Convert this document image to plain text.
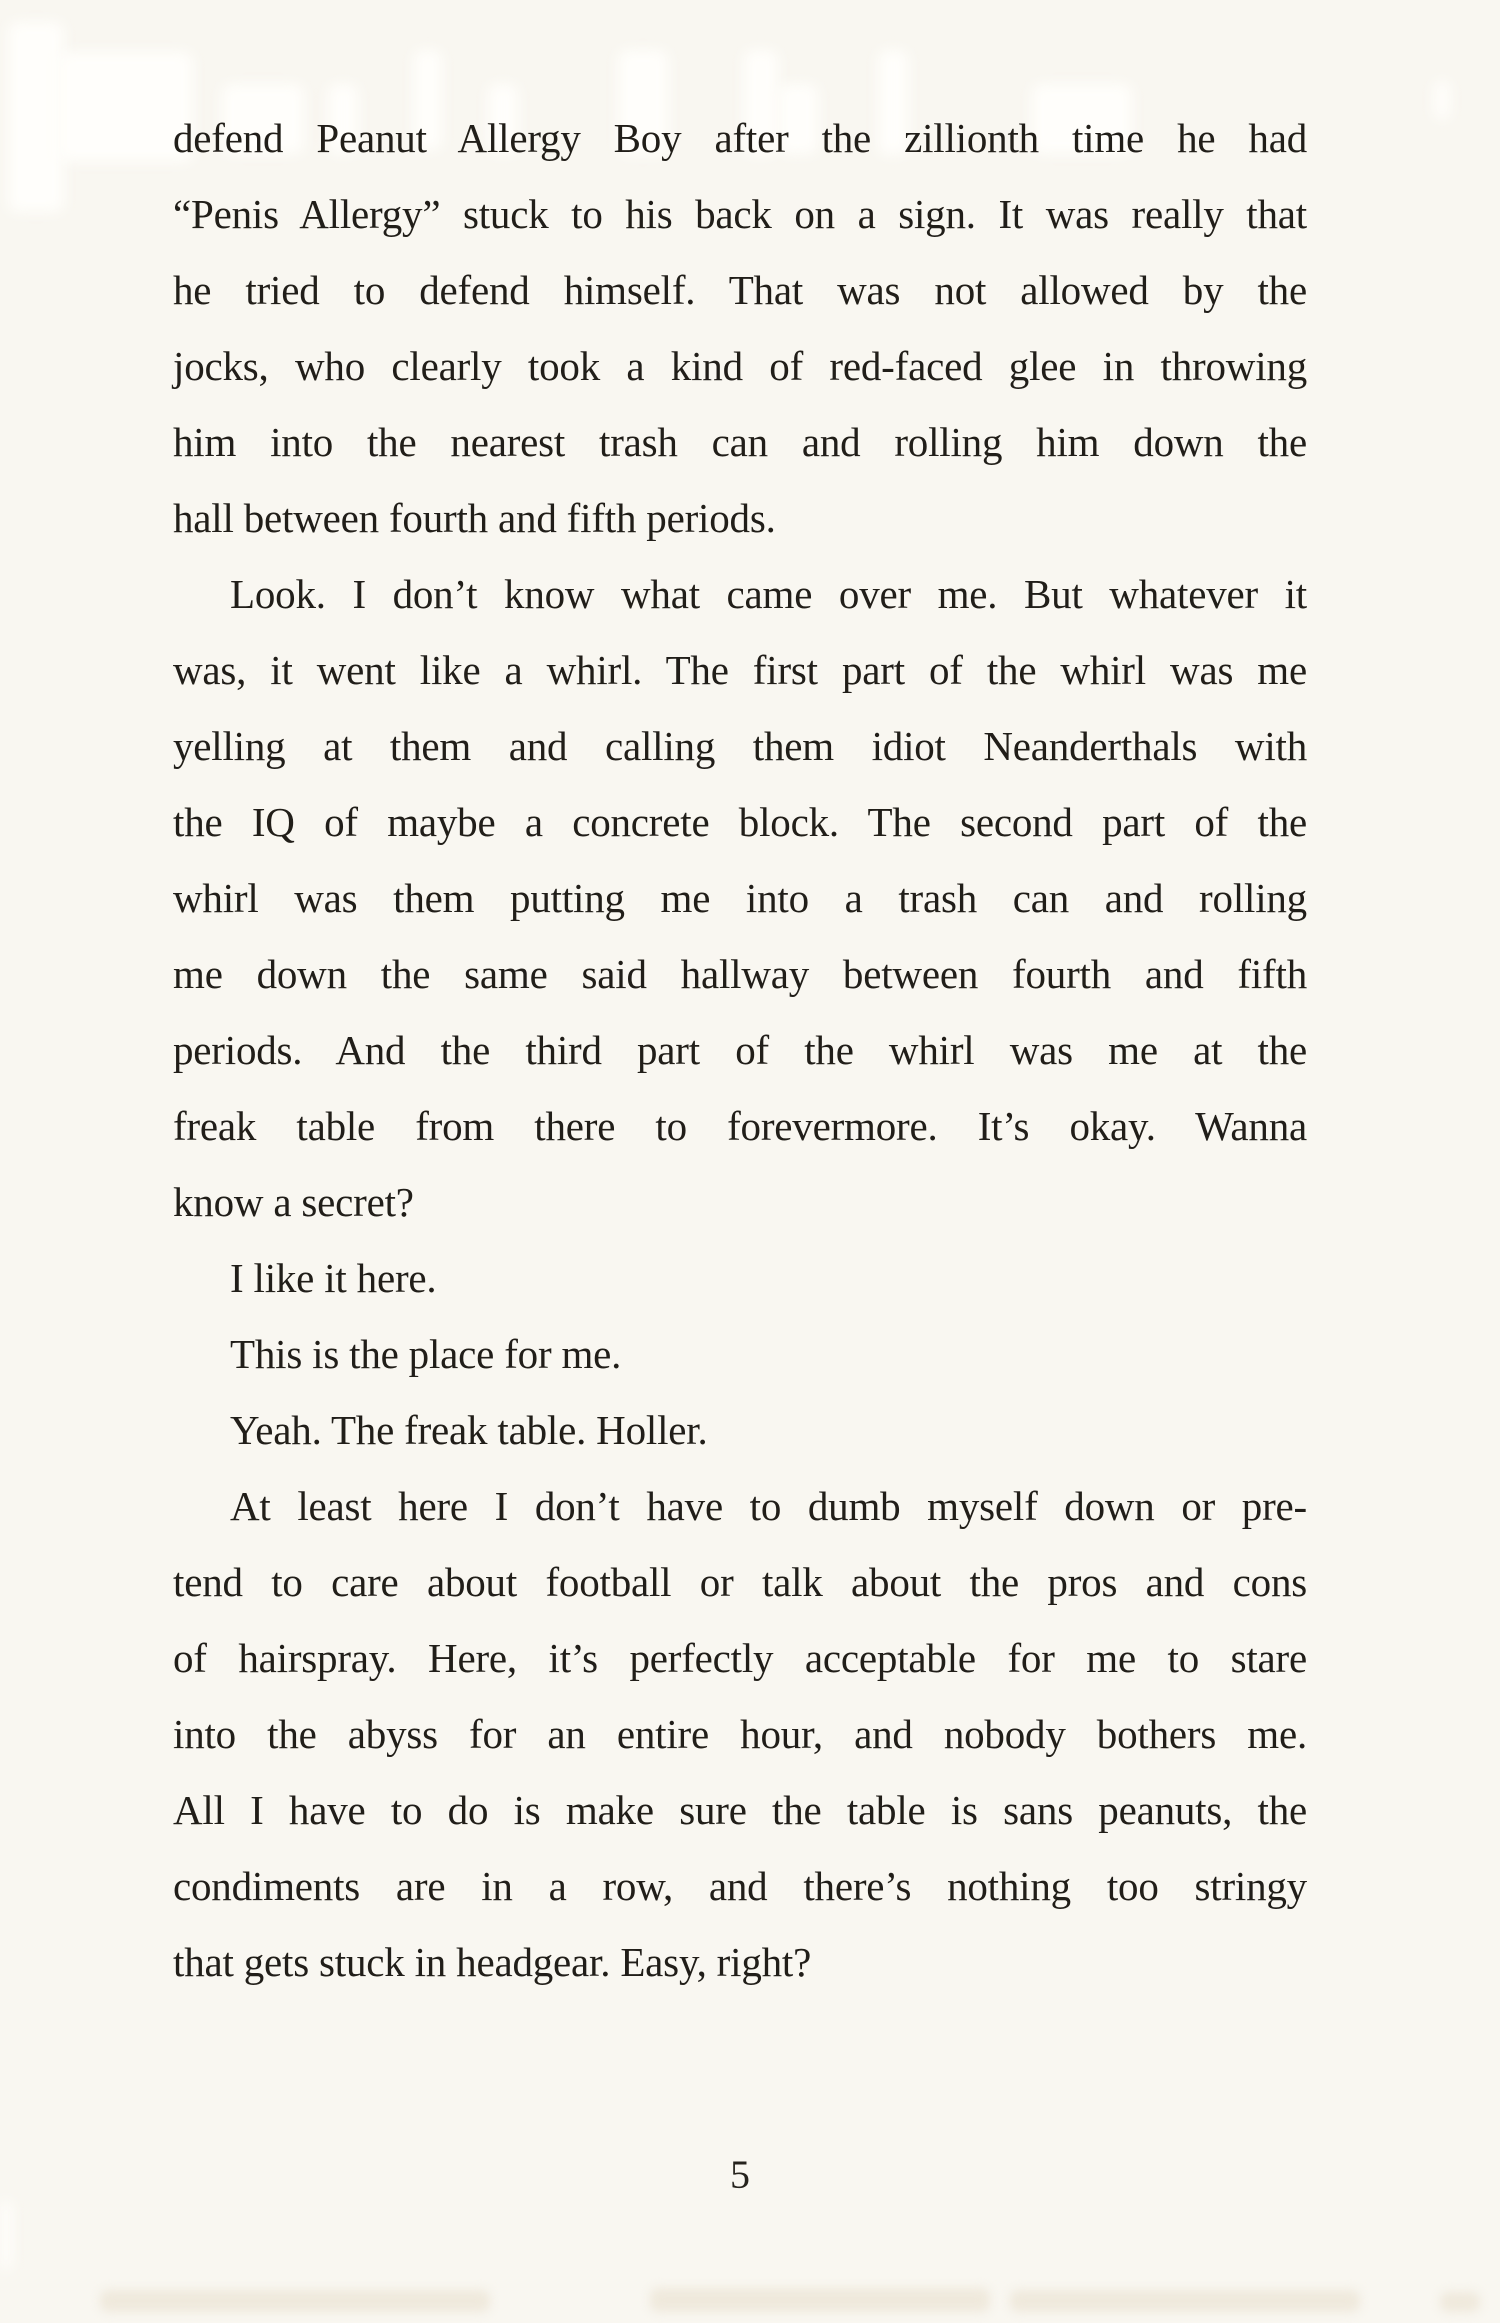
defend Peanut Allergy Boy after the zillionth time he had
“Penis Allergy” stuck to his back on a sign. It was really that
he tried to defend himself. That was not allowed by the
jocks, who clearly took a kind of red-faced glee in throwing
him into the nearest trash can and rolling him down the
hall between fourth and fifth periods.
Look. I don’t know what came over me. But whatever it
was, it went like a whirl. The first part of the whirl was me
yelling at them and calling them idiot Neanderthals with
the IQ of maybe a concrete block. The second part of the
whirl was them putting me into a trash can and rolling
me down the same said hallway between fourth and fifth
periods. And the third part of the whirl was me at the
freak table from there to forevermore. It’s okay. Wanna
know a secret?
I like it here.
This is the place for me.
Yeah. The freak table. Holler.
At least here I don’t have to dumb myself down or pre-
tend to care about football or talk about the pros and cons
of hairspray. Here, it’s perfectly acceptable for me to stare
into the abyss for an entire hour, and nobody bothers me.
All I have to do is make sure the table is sans peanuts, the
condiments are in a row, and there’s nothing too stringy
that gets stuck in headgear. Easy, right?
5
